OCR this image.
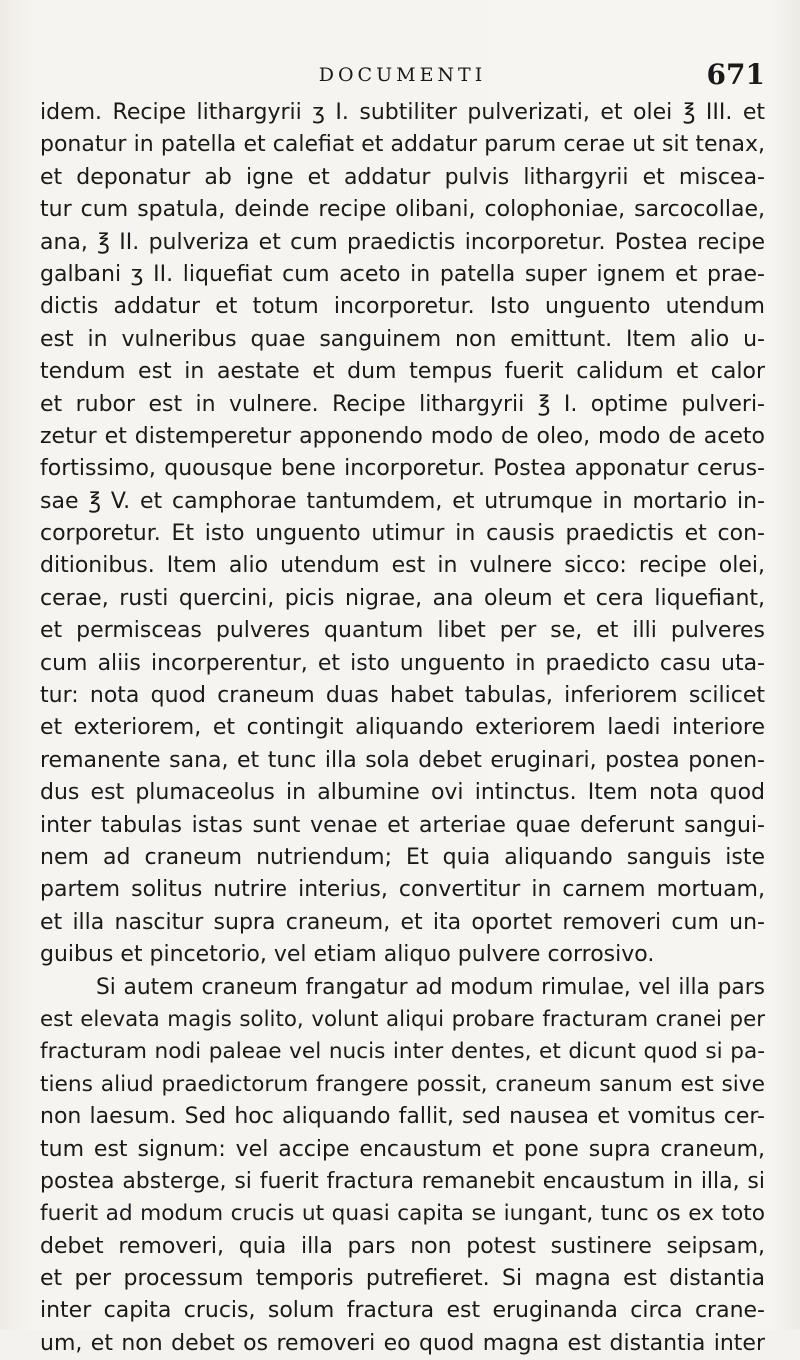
DOCUMENTI	671
idem. Recipe lithargyrii ʒ I. subtiliter pulverizati, et olei ℥ III. et
ponatur in patella et calefiat et addatur parum cerae ut sit tenax,
et deponatur ab igne et addatur pulvis lithargyrii et miscea-
tur cum spatula, deinde recipe olibani, colophoniae, sarcocollae,
ana, ℥ II. pulveriza et cum praedictis incorporetur. Postea recipe
galbani ʒ II. liquefiat cum aceto in patella super ignem et prae-
dictis addatur et totum incorporetur. Isto unguento utendum
est in vulneribus quae sanguinem non emittunt. Item alio u-
tendum est in aestate et dum tempus fuerit calidum et calor
et rubor est in vulnere. Recipe lithargyrii ℥ I. optime pulveri-
zetur et distemperetur apponendo modo de oleo, modo de aceto
fortissimo, quousque bene incorporetur. Postea apponatur cerus-
sae ℥ V. et camphorae tantumdem, et utrumque in mortario in-
corporetur. Et isto unguento utimur in causis praedictis et con-
ditionibus. Item alio utendum est in vulnere sicco: recipe olei,
cerae, rusti quercini, picis nigrae, ana oleum et cera liquefiant,
et permisceas pulveres quantum libet per se, et illi pulveres
cum aliis incorperentur, et isto unguento in praedicto casu uta-
tur: nota quod craneum duas habet tabulas, inferiorem scilicet
et exteriorem, et contingit aliquando exteriorem laedi interiore
remanente sana, et tunc illa sola debet eruginari, postea ponen-
dus est plumaceolus in albumine ovi intinctus. Item nota quod
inter tabulas istas sunt venae et arteriae quae deferunt sangui-
nem ad craneum nutriendum; Et quia aliquando sanguis iste
partem solitus nutrire interius, convertitur in carnem mortuam,
et illa nascitur supra craneum, et ita oportet removeri cum un-
guibus et pincetorio, vel etiam aliquo pulvere corrosivo.
Si autem craneum frangatur ad modum rimulae, vel illa pars
est elevata magis solito, volunt aliqui probare fracturam cranei per
fracturam nodi paleae vel nucis inter dentes, et dicunt quod si pa-
tiens aliud praedictorum frangere possit, craneum sanum est sive
non laesum. Sed hoc aliquando fallit, sed nausea et vomitus cer-
tum est signum: vel accipe encaustum et pone supra craneum,
postea absterge, si fuerit fractura remanebit encaustum in illa, si
fuerit ad modum crucis ut quasi capita se iungant, tunc os ex toto
debet removeri, quia illa pars non potest sustinere seipsam,
et per processum temporis putrefieret. Si magna est distantia
inter capita crucis, solum fractura est eruginanda circa crane-
um, et non debet os removeri eo quod magna est distantia inter
